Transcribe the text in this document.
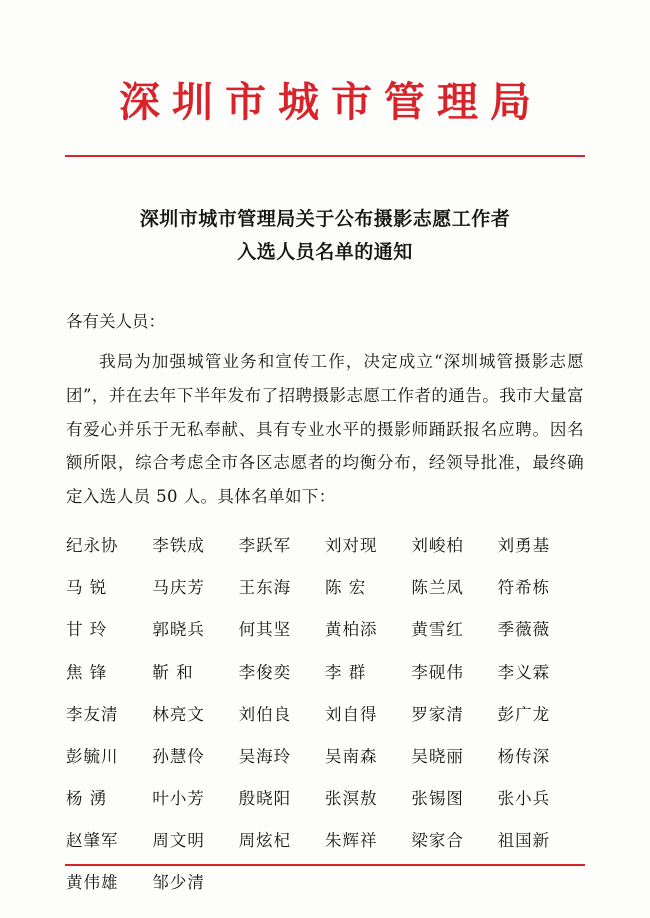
深圳市城市管理局
深圳市城市管理局关于公布摄影志愿工作者
入选人员名单的通知
各有关人员：
我局为加强城管业务和宣传工作，决定成立“深圳城管摄影志愿团”，并在去年下半年发布了招聘摄影志愿工作者的通告。我市大量富有爱心并乐于无私奉献、具有专业水平的摄影师踊跃报名应聘。因名额所限，综合考虑全市各区志愿者的均衡分布，经领导批准，最终确定入选人员 50 人。具体名单如下：
纪永协	李铁成	李跃军	刘对现	刘峻柏	刘勇基
马 锐	马庆芳	王东海	陈 宏	陈兰凤	符希栋
甘 玲	郭晓兵	何其坚	黄柏添	黄雪红	季薇薇
焦 锋	靳 和	李俊奕	李 群	李砚伟	李义霖
李友清	林亮文	刘伯良	刘自得	罗家清	彭广龙
彭毓川	孙慧伶	吴海玲	吴南森	吴晓丽	杨传深
杨 湧	叶小芳	殷晓阳	张溟敖	张锡图	张小兵
赵肇军	周文明	周炫杞	朱辉祥	梁家合	祖国新
黄伟雄	邹少清
